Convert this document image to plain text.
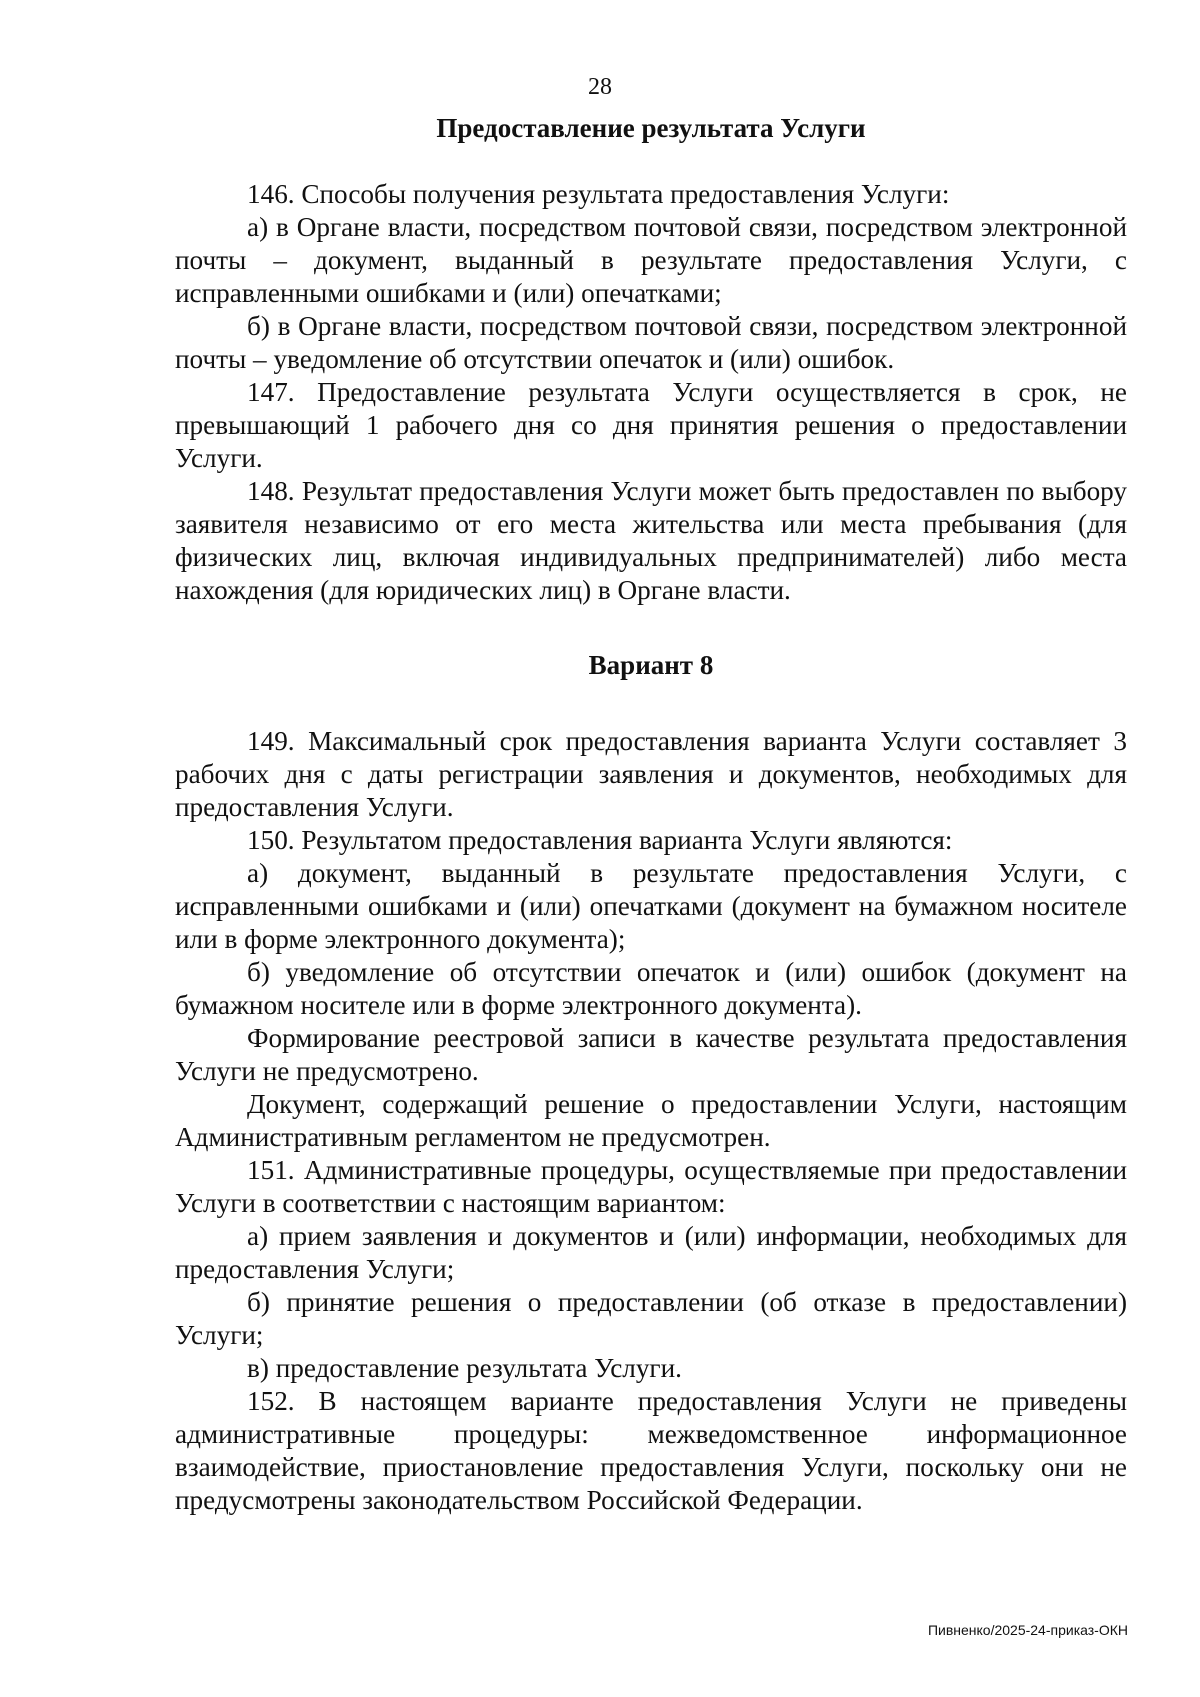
28
Предоставление результата Услуги

146. Способы получения результата предоставления Услуги:

а) в Органе власти, посредством почтовой связи, посредством электронной почты – документ, выданный в результате предоставления Услуги, с исправленными ошибками и (или) опечатками;

б) в Органе власти, посредством почтовой связи, посредством электронной почты – уведомление об отсутствии опечаток и (или) ошибок.

147. Предоставление результата Услуги осуществляется в срок, не превышающий 1 рабочего дня со дня принятия решения о предоставлении Услуги.

148. Результат предоставления Услуги может быть предоставлен по выбору заявителя независимо от его места жительства или места пребывания (для физических лиц, включая индивидуальных предпринимателей) либо места нахождения (для юридических лиц) в Органе власти.

Вариант 8

149. Максимальный срок предоставления варианта Услуги составляет 3 рабочих дня с даты регистрации заявления и документов, необходимых для предоставления Услуги.

150. Результатом предоставления варианта Услуги являются:

а) документ, выданный в результате предоставления Услуги, с исправленными ошибками и (или) опечатками (документ на бумажном носителе или в форме электронного документа);

б) уведомление об отсутствии опечаток и (или) ошибок (документ на бумажном носителе или в форме электронного документа).

Формирование реестровой записи в качестве результата предоставления Услуги не предусмотрено.

Документ, содержащий решение о предоставлении Услуги, настоящим Административным регламентом не предусмотрен.

151. Административные процедуры, осуществляемые при предоставлении Услуги в соответствии с настоящим вариантом:

а) прием заявления и документов и (или) информации, необходимых для предоставления Услуги;

б) принятие решения о предоставлении (об отказе в предоставлении) Услуги;

в) предоставление результата Услуги.

152. В настоящем варианте предоставления Услуги не приведены административные процедуры: межведомственное информационное взаимодействие, приостановление предоставления Услуги, поскольку они не предусмотрены законодательством Российской Федерации.

Пивненко/2025-24-приказ-ОКН
